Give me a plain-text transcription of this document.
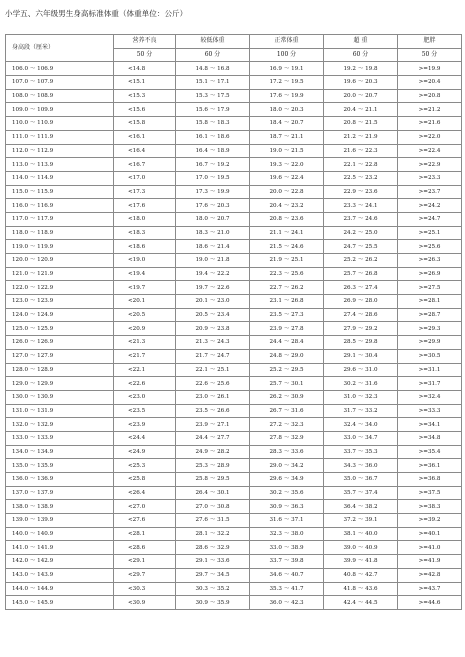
小学五、六年级男生身高标准体重（体重单位：公斤）
身高段（厘米）	营养不良	较低体重	正常体重	超 重	肥胖
	50 分	60 分	100 分	60 分	50 分
106.0 ～ 106.9	<14.8	14.8 ～ 16.8	16.9 ～ 19.1	19.2 ～ 19.8	>=19.9
107.0 ～ 107.9	<15.1	15.1 ～ 17.1	17.2 ～ 19.5	19.6 ～ 20.3	>=20.4
108.0 ～ 108.9	<15.3	15.3 ～ 17.5	17.6 ～ 19.9	20.0 ～ 20.7	>=20.8
109.0 ～ 109.9	<15.6	15.6 ～ 17.9	18.0 ～ 20.3	20.4 ～ 21.1	>=21.2
110.0 ～ 110.9	<15.8	15.8 ～ 18.3	18.4 ～ 20.7	20.8 ～ 21.5	>=21.6
111.0 ～ 111.9	<16.1	16.1 ～ 18.6	18.7 ～ 21.1	21.2 ～ 21.9	>=22.0
112.0 ～ 112.9	<16.4	16.4 ～ 18.9	19.0 ～ 21.5	21.6 ～ 22.3	>=22.4
113.0 ～ 113.9	<16.7	16.7 ～ 19.2	19.3 ～ 22.0	22.1 ～ 22.8	>=22.9
114.0 ～ 114.9	<17.0	17.0 ～ 19.5	19.6 ～ 22.4	22.5 ～ 23.2	>=23.3
115.0 ～ 115.9	<17.3	17.3 ～ 19.9	20.0 ～ 22.8	22.9 ～ 23.6	>=23.7
116.0 ～ 116.9	<17.6	17.6 ～ 20.3	20.4 ～ 23.2	23.3 ～ 24.1	>=24.2
117.0 ～ 117.9	<18.0	18.0 ～ 20.7	20.8 ～ 23.6	23.7 ～ 24.6	>=24.7
118.0 ～ 118.9	<18.3	18.3 ～ 21.0	21.1 ～ 24.1	24.2 ～ 25.0	>=25.1
119.0 ～ 119.9	<18.6	18.6 ～ 21.4	21.5 ～ 24.6	24.7 ～ 25.5	>=25.6
120.0 ～ 120.9	<19.0	19.0 ～ 21.8	21.9 ～ 25.1	25.2 ～ 26.2	>=26.3
121.0 ～ 121.9	<19.4	19.4 ～ 22.2	22.3 ～ 25.6	25.7 ～ 26.8	>=26.9
122.0 ～ 122.9	<19.7	19.7 ～ 22.6	22.7 ～ 26.2	26.3 ～ 27.4	>=27.5
123.0 ～ 123.9	<20.1	20.1 ～ 23.0	23.1 ～ 26.8	26.9 ～ 28.0	>=28.1
124.0 ～ 124.9	<20.5	20.5 ～ 23.4	23.5 ～ 27.3	27.4 ～ 28.6	>=28.7
125.0 ～ 125.9	<20.9	20.9 ～ 23.8	23.9 ～ 27.8	27.9 ～ 29.2	>=29.3
126.0 ～ 126.9	<21.3	21.3 ～ 24.3	24.4 ～ 28.4	28.5 ～ 29.8	>=29.9
127.0 ～ 127.9	<21.7	21.7 ～ 24.7	24.8 ～ 29.0	29.1 ～ 30.4	>=30.5
128.0 ～ 128.9	<22.1	22.1 ～ 25.1	25.2 ～ 29.5	29.6 ～ 31.0	>=31.1
129.0 ～ 129.9	<22.6	22.6 ～ 25.6	25.7 ～ 30.1	30.2 ～ 31.6	>=31.7
130.0 ～ 130.9	<23.0	23.0 ～ 26.1	26.2 ～ 30.9	31.0 ～ 32.3	>=32.4
131.0 ～ 131.9	<23.5	23.5 ～ 26.6	26.7 ～ 31.6	31.7 ～ 33.2	>=33.3
132.0 ～ 132.9	<23.9	23.9 ～ 27.1	27.2 ～ 32.3	32.4 ～ 34.0	>=34.1
133.0 ～ 133.9	<24.4	24.4 ～ 27.7	27.8 ～ 32.9	33.0 ～ 34.7	>=34.8
134.0 ～ 134.9	<24.9	24.9 ～ 28.2	28.3 ～ 33.6	33.7 ～ 35.3	>=35.4
135.0 ～ 135.9	<25.3	25.3 ～ 28.9	29.0 ～ 34.2	34.3 ～ 36.0	>=36.1
136.0 ～ 136.9	<25.8	25.8 ～ 29.5	29.6 ～ 34.9	35.0 ～ 36.7	>=36.8
137.0 ～ 137.9	<26.4	26.4 ～ 30.1	30.2 ～ 35.6	35.7 ～ 37.4	>=37.5
138.0 ～ 138.9	<27.0	27.0 ～ 30.8	30.9 ～ 36.3	36.4 ～ 38.2	>=38.3
139.0 ～ 139.9	<27.6	27.6 ～ 31.5	31.6 ～ 37.1	37.2 ～ 39.1	>=39.2
140.0 ～ 140.9	<28.1	28.1 ～ 32.2	32.3 ～ 38.0	38.1 ～ 40.0	>=40.1
141.0 ～ 141.9	<28.6	28.6 ～ 32.9	33.0 ～ 38.9	39.0 ～ 40.9	>=41.0
142.0 ～ 142.9	<29.1	29.1 ～ 33.6	33.7 ～ 39.8	39.9 ～ 41.8	>=41.9
143.0 ～ 143.9	<29.7	29.7 ～ 34.5	34.6 ～ 40.7	40.8 ～ 42.7	>=42.8
144.0 ～ 144.9	<30.3	30.3 ～ 35.2	35.3 ～ 41.7	41.8 ～ 43.6	>=43.7
145.0 ～ 145.9	<30.9	30.9 ～ 35.9	36.0 ～ 42.3	42.4 ～ 44.5	>=44.6
